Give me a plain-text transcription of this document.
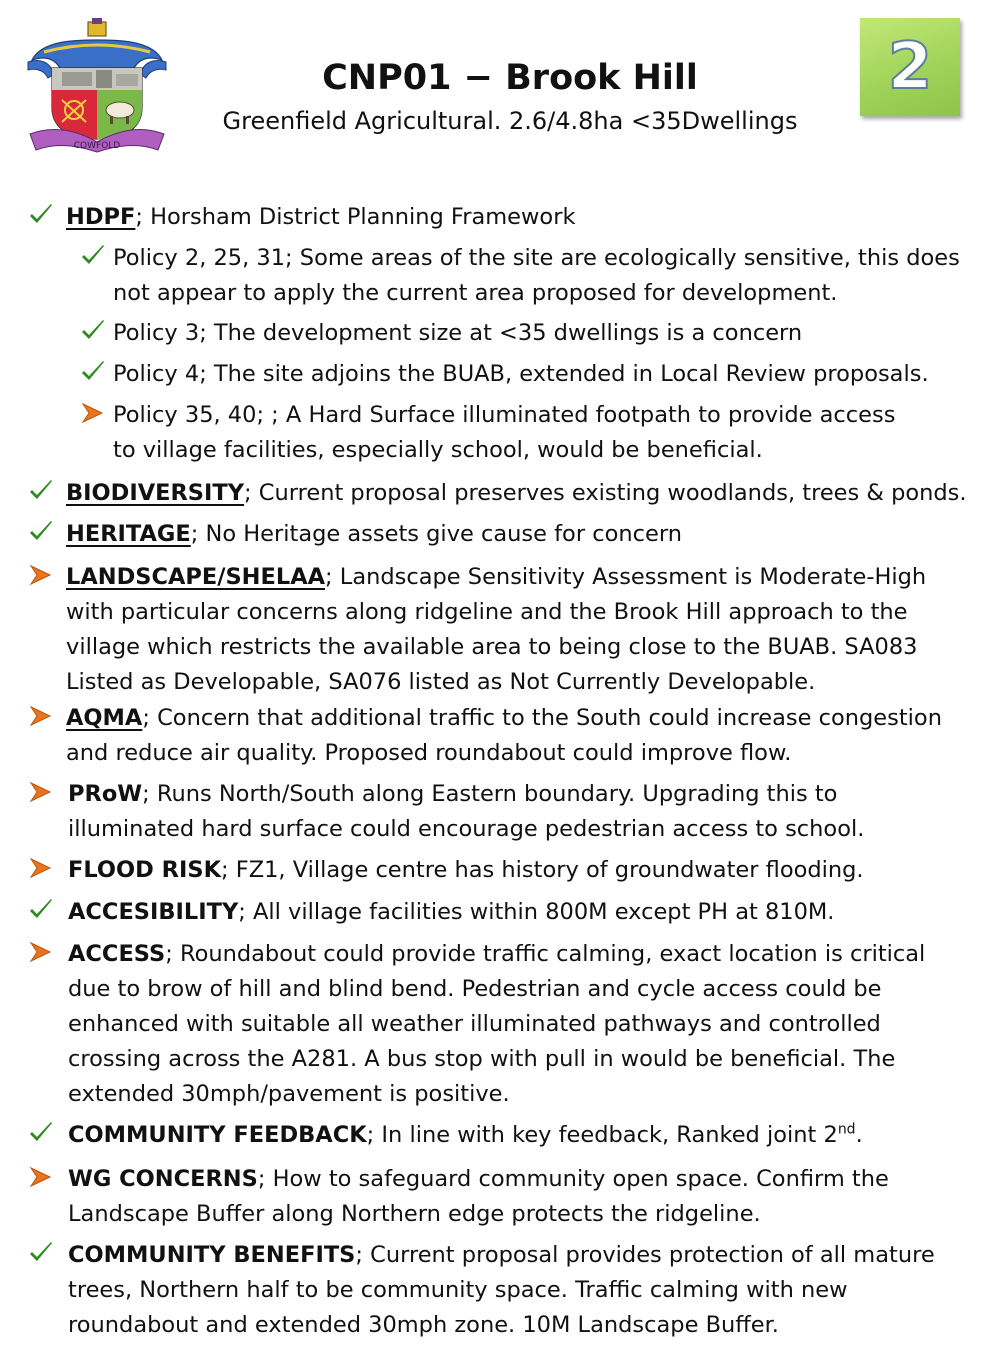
COWFOLD
CNP01 − Brook Hill
Greenfield Agricultural. 2.6/4.8ha <35Dwellings
2
HDPF; Horsham District Planning Framework
Policy 2, 25, 31; Some areas of the site are ecologically sensitive, this does
not appear to apply the current area proposed for development.
Policy 3; The development size at <35 dwellings is a concern
Policy 4; The site adjoins the BUAB, extended in Local Review proposals.
Policy 35, 40; ; A Hard Surface illuminated footpath to provide access
to village facilities, especially school, would be beneficial.
BIODIVERSITY; Current proposal preserves existing woodlands, trees & ponds.
HERITAGE; No Heritage assets give cause for concern
LANDSCAPE/SHELAA; Landscape Sensitivity Assessment is Moderate-High
with particular concerns along ridgeline and the Brook Hill approach to the
village which restricts the available area to being close to the BUAB. SA083
Listed as Developable, SA076 listed as Not Currently Developable.
AQMA; Concern that additional traffic to the South could increase congestion
and reduce air quality. Proposed roundabout could improve flow.
PRoW; Runs North/South along Eastern boundary. Upgrading this to
illuminated hard surface could encourage pedestrian access to school.
FLOOD RISK; FZ1, Village centre has history of groundwater flooding.
ACCESIBILITY; All village facilities within 800M except PH at 810M.
ACCESS; Roundabout could provide traffic calming, exact location is critical
due to brow of hill and blind bend. Pedestrian and cycle access could be
enhanced with suitable all weather illuminated pathways and controlled
crossing across the A281. A bus stop with pull in would be beneficial. The
extended 30mph/pavement is positive.
COMMUNITY FEEDBACK; In line with key feedback, Ranked joint 2nd.
WG CONCERNS; How to safeguard community open space. Confirm the
Landscape Buffer along Northern edge protects the ridgeline.
COMMUNITY BENEFITS; Current proposal provides protection of all mature
trees, Northern half to be community space. Traffic calming with new
roundabout and extended 30mph zone. 10M Landscape Buffer.
